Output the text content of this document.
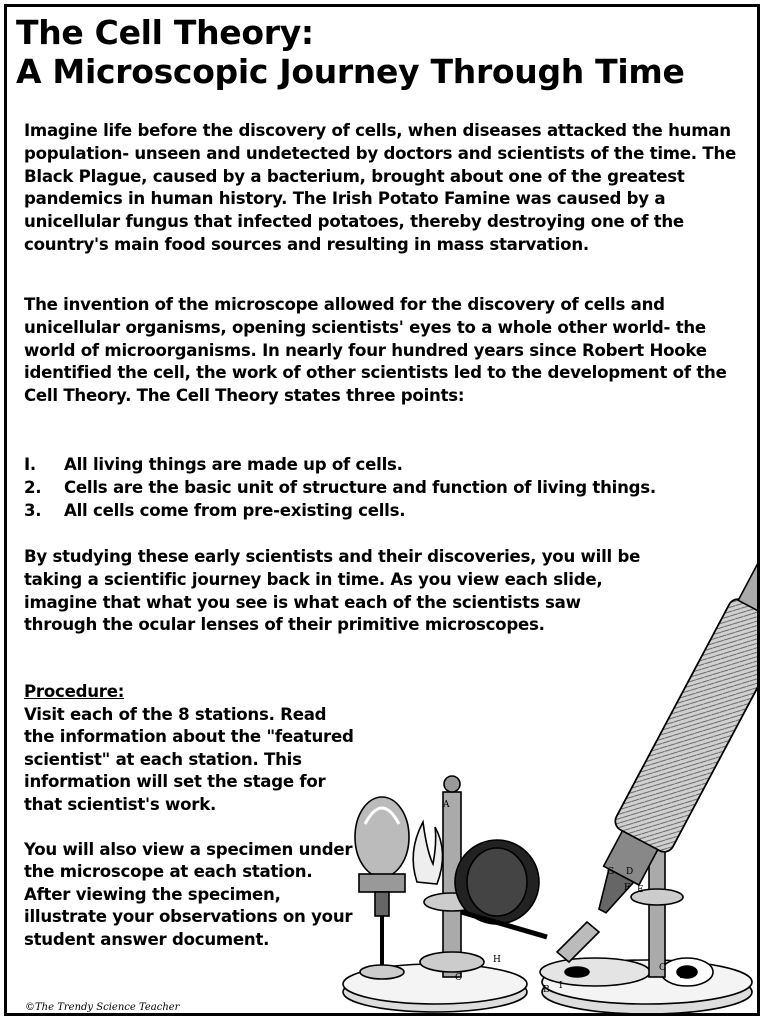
The Cell Theory:
A Microscopic Journey Through Time

Imagine life before the discovery of cells, when diseases attacked the human population- unseen and undetected by doctors and scientists of the time. The Black Plague, caused by a bacterium, brought about one of the greatest pandemics in human history. The Irish Potato Famine was caused by a unicellular fungus that infected potatoes, thereby destroying one of the country's main food sources and resulting in mass starvation.

The invention of the microscope allowed for the discovery of cells and unicellular organisms, opening scientists' eyes to a whole other world- the world of microorganisms. In nearly four hundred years since Robert Hooke identified the cell, the work of other scientists led to the development of the Cell Theory. The Cell Theory states three points:

I. All living things are made up of cells.
2. Cells are the basic unit of structure and function of living things.
3. All cells come from pre-existing cells.

By studying these early scientists and their discoveries, you will be taking a scientific journey back in time. As you view each slide, imagine that what you see is what each of the scientists saw through the ocular lenses of their primitive microscopes.

Procedure:

Visit each of the 8 stations. Read the information about the "featured scientist" at each station. This information will set the stage for that scientist's work.

You will also view a specimen under the microscope at each station. After viewing the specimen, illustrate your observations on your student answer document.

A
B
C
D
E
F
G
H
I
A
C
©The Trendy Science Teacher
